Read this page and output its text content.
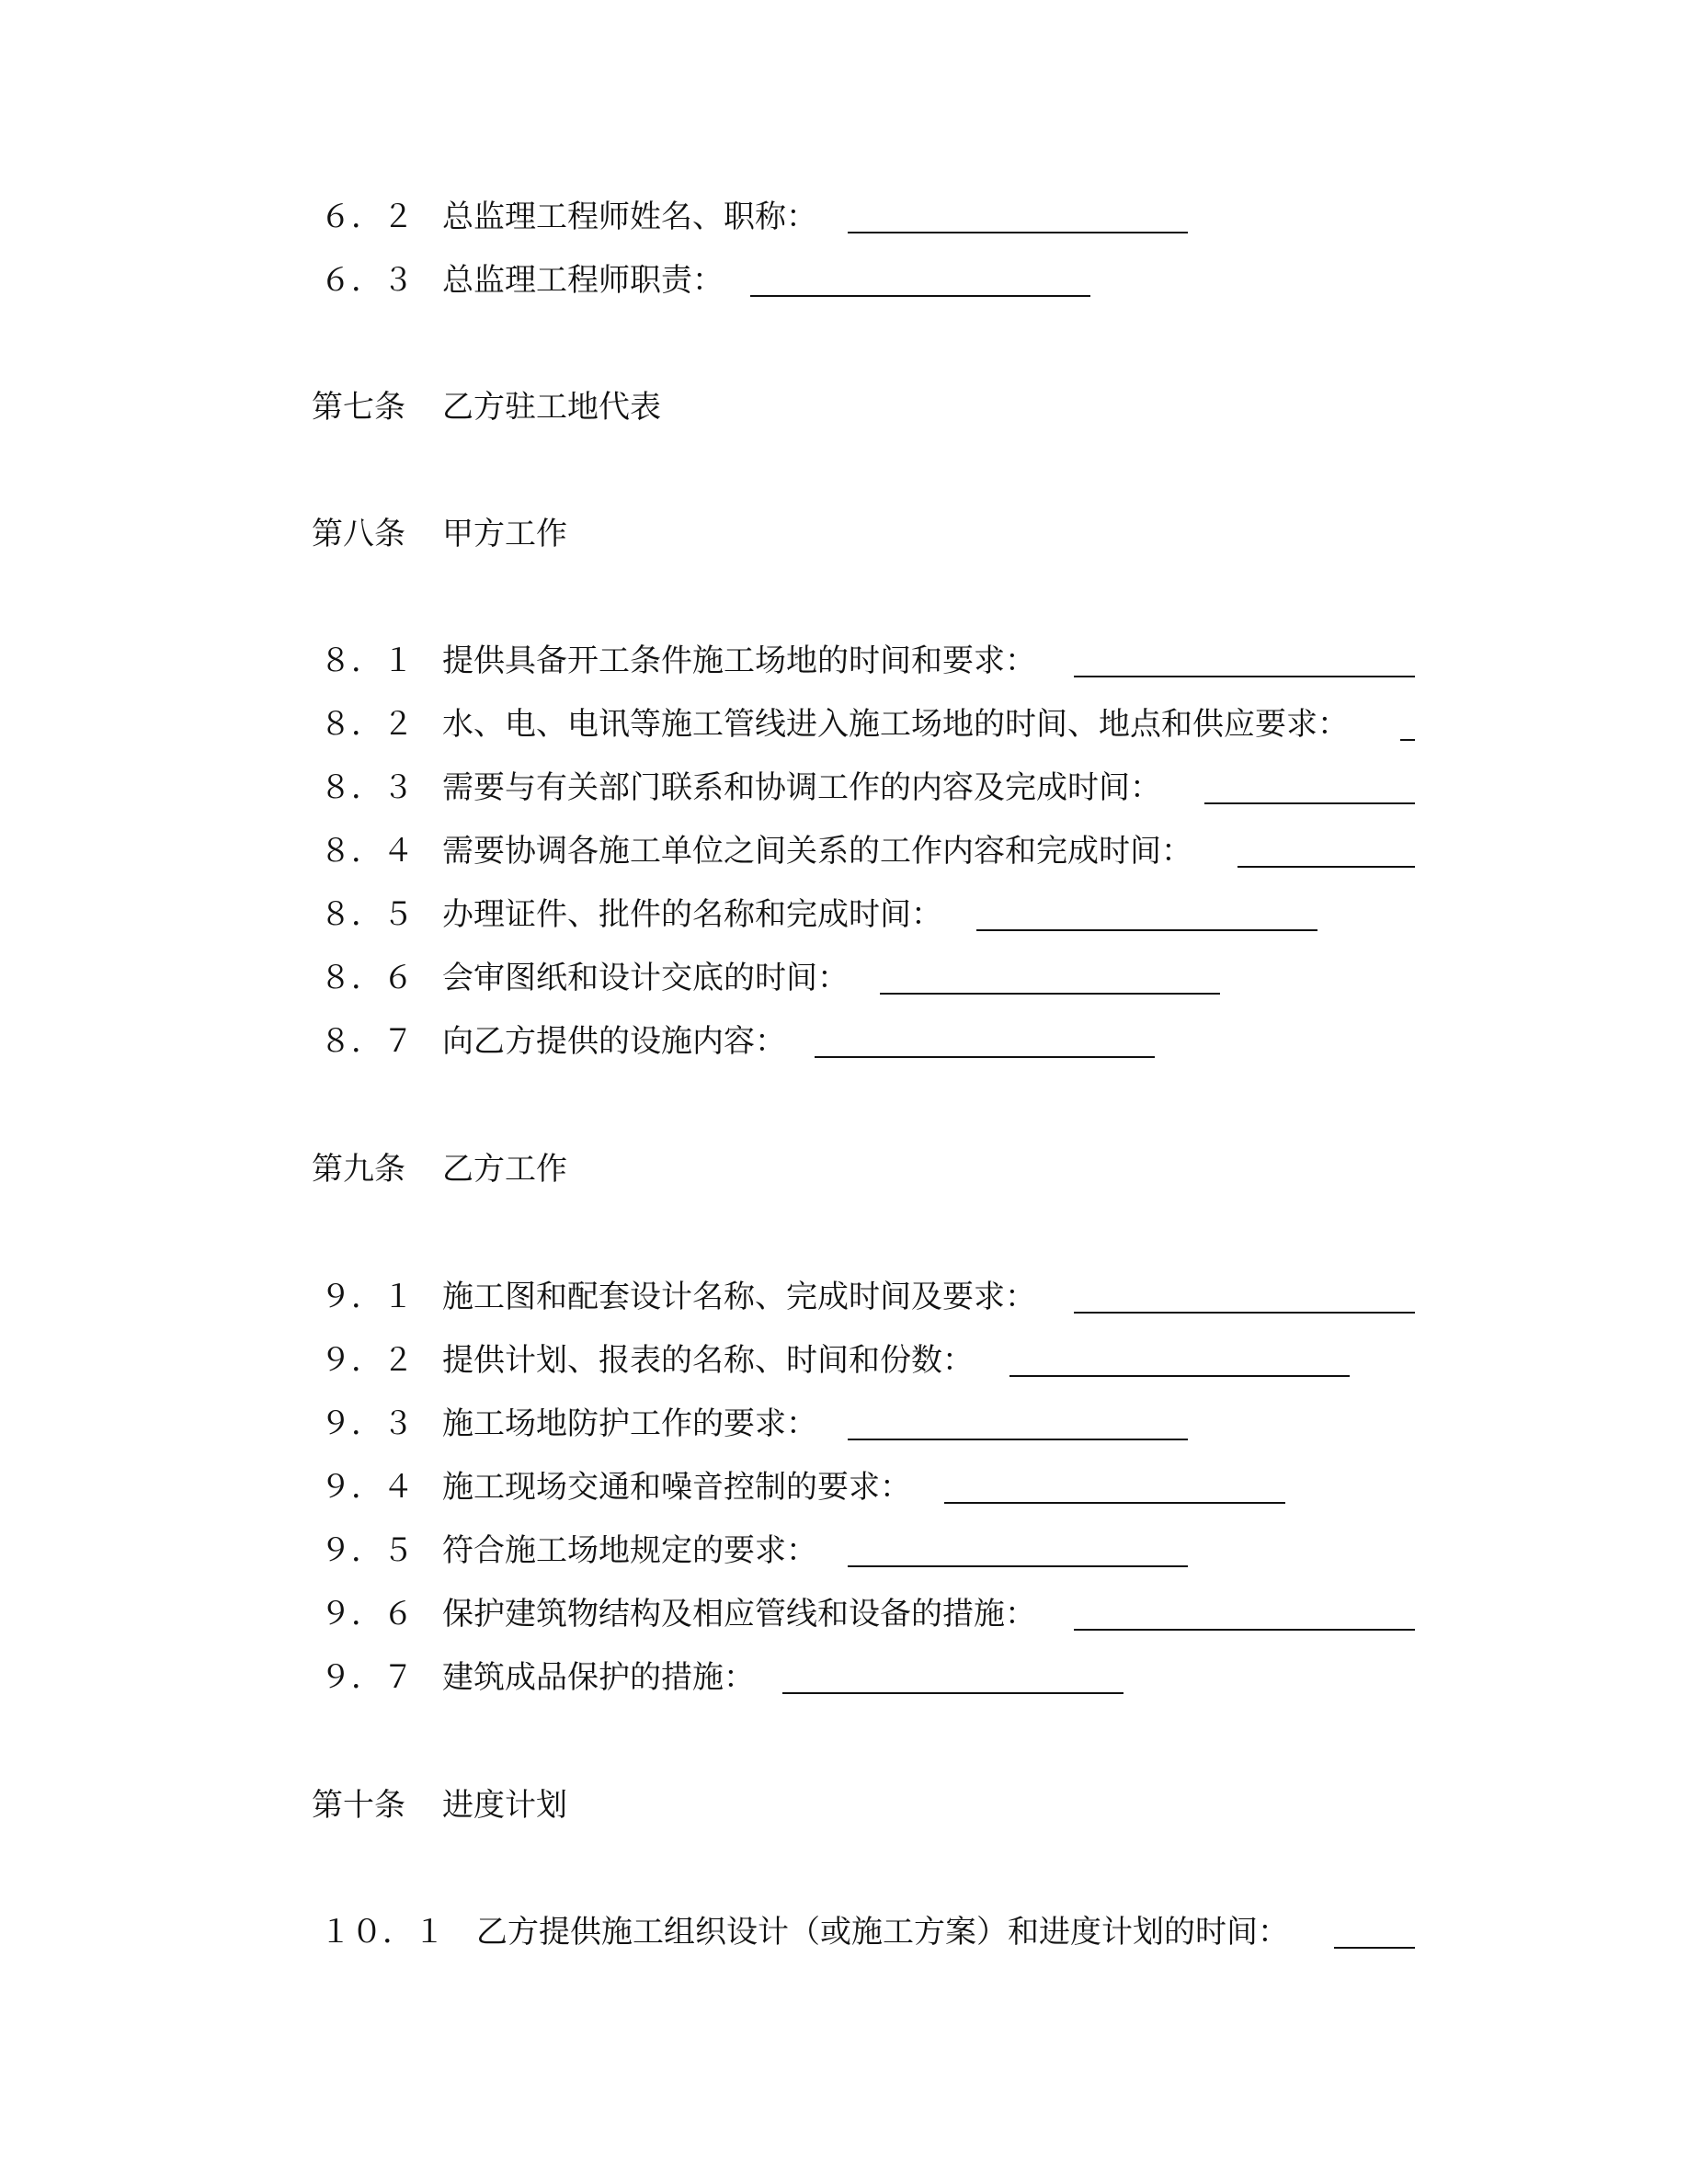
６．２ 总监理工程师姓名、职称：
６．３ 总监理工程师职责：
第七条 乙方驻工地代表
第八条 甲方工作
８．１ 提供具备开工条件施工场地的时间和要求：
８．２ 水、电、电讯等施工管线进入施工场地的时间、地点和供应要求：
８．３ 需要与有关部门联系和协调工作的内容及完成时间：
８．４ 需要协调各施工单位之间关系的工作内容和完成时间：
８．５ 办理证件、批件的名称和完成时间：
８．６ 会审图纸和设计交底的时间：
８．７ 向乙方提供的设施内容：
第九条 乙方工作
９．１ 施工图和配套设计名称、完成时间及要求：
９．２ 提供计划、报表的名称、时间和份数：
９．３ 施工场地防护工作的要求：
９．４ 施工现场交通和噪音控制的要求：
９．５ 符合施工场地规定的要求：
９．６ 保护建筑物结构及相应管线和设备的措施：
９．７ 建筑成品保护的措施：
第十条 进度计划
１０．１ 乙方提供施工组织设计（或施工方案）和进度计划的时间：
